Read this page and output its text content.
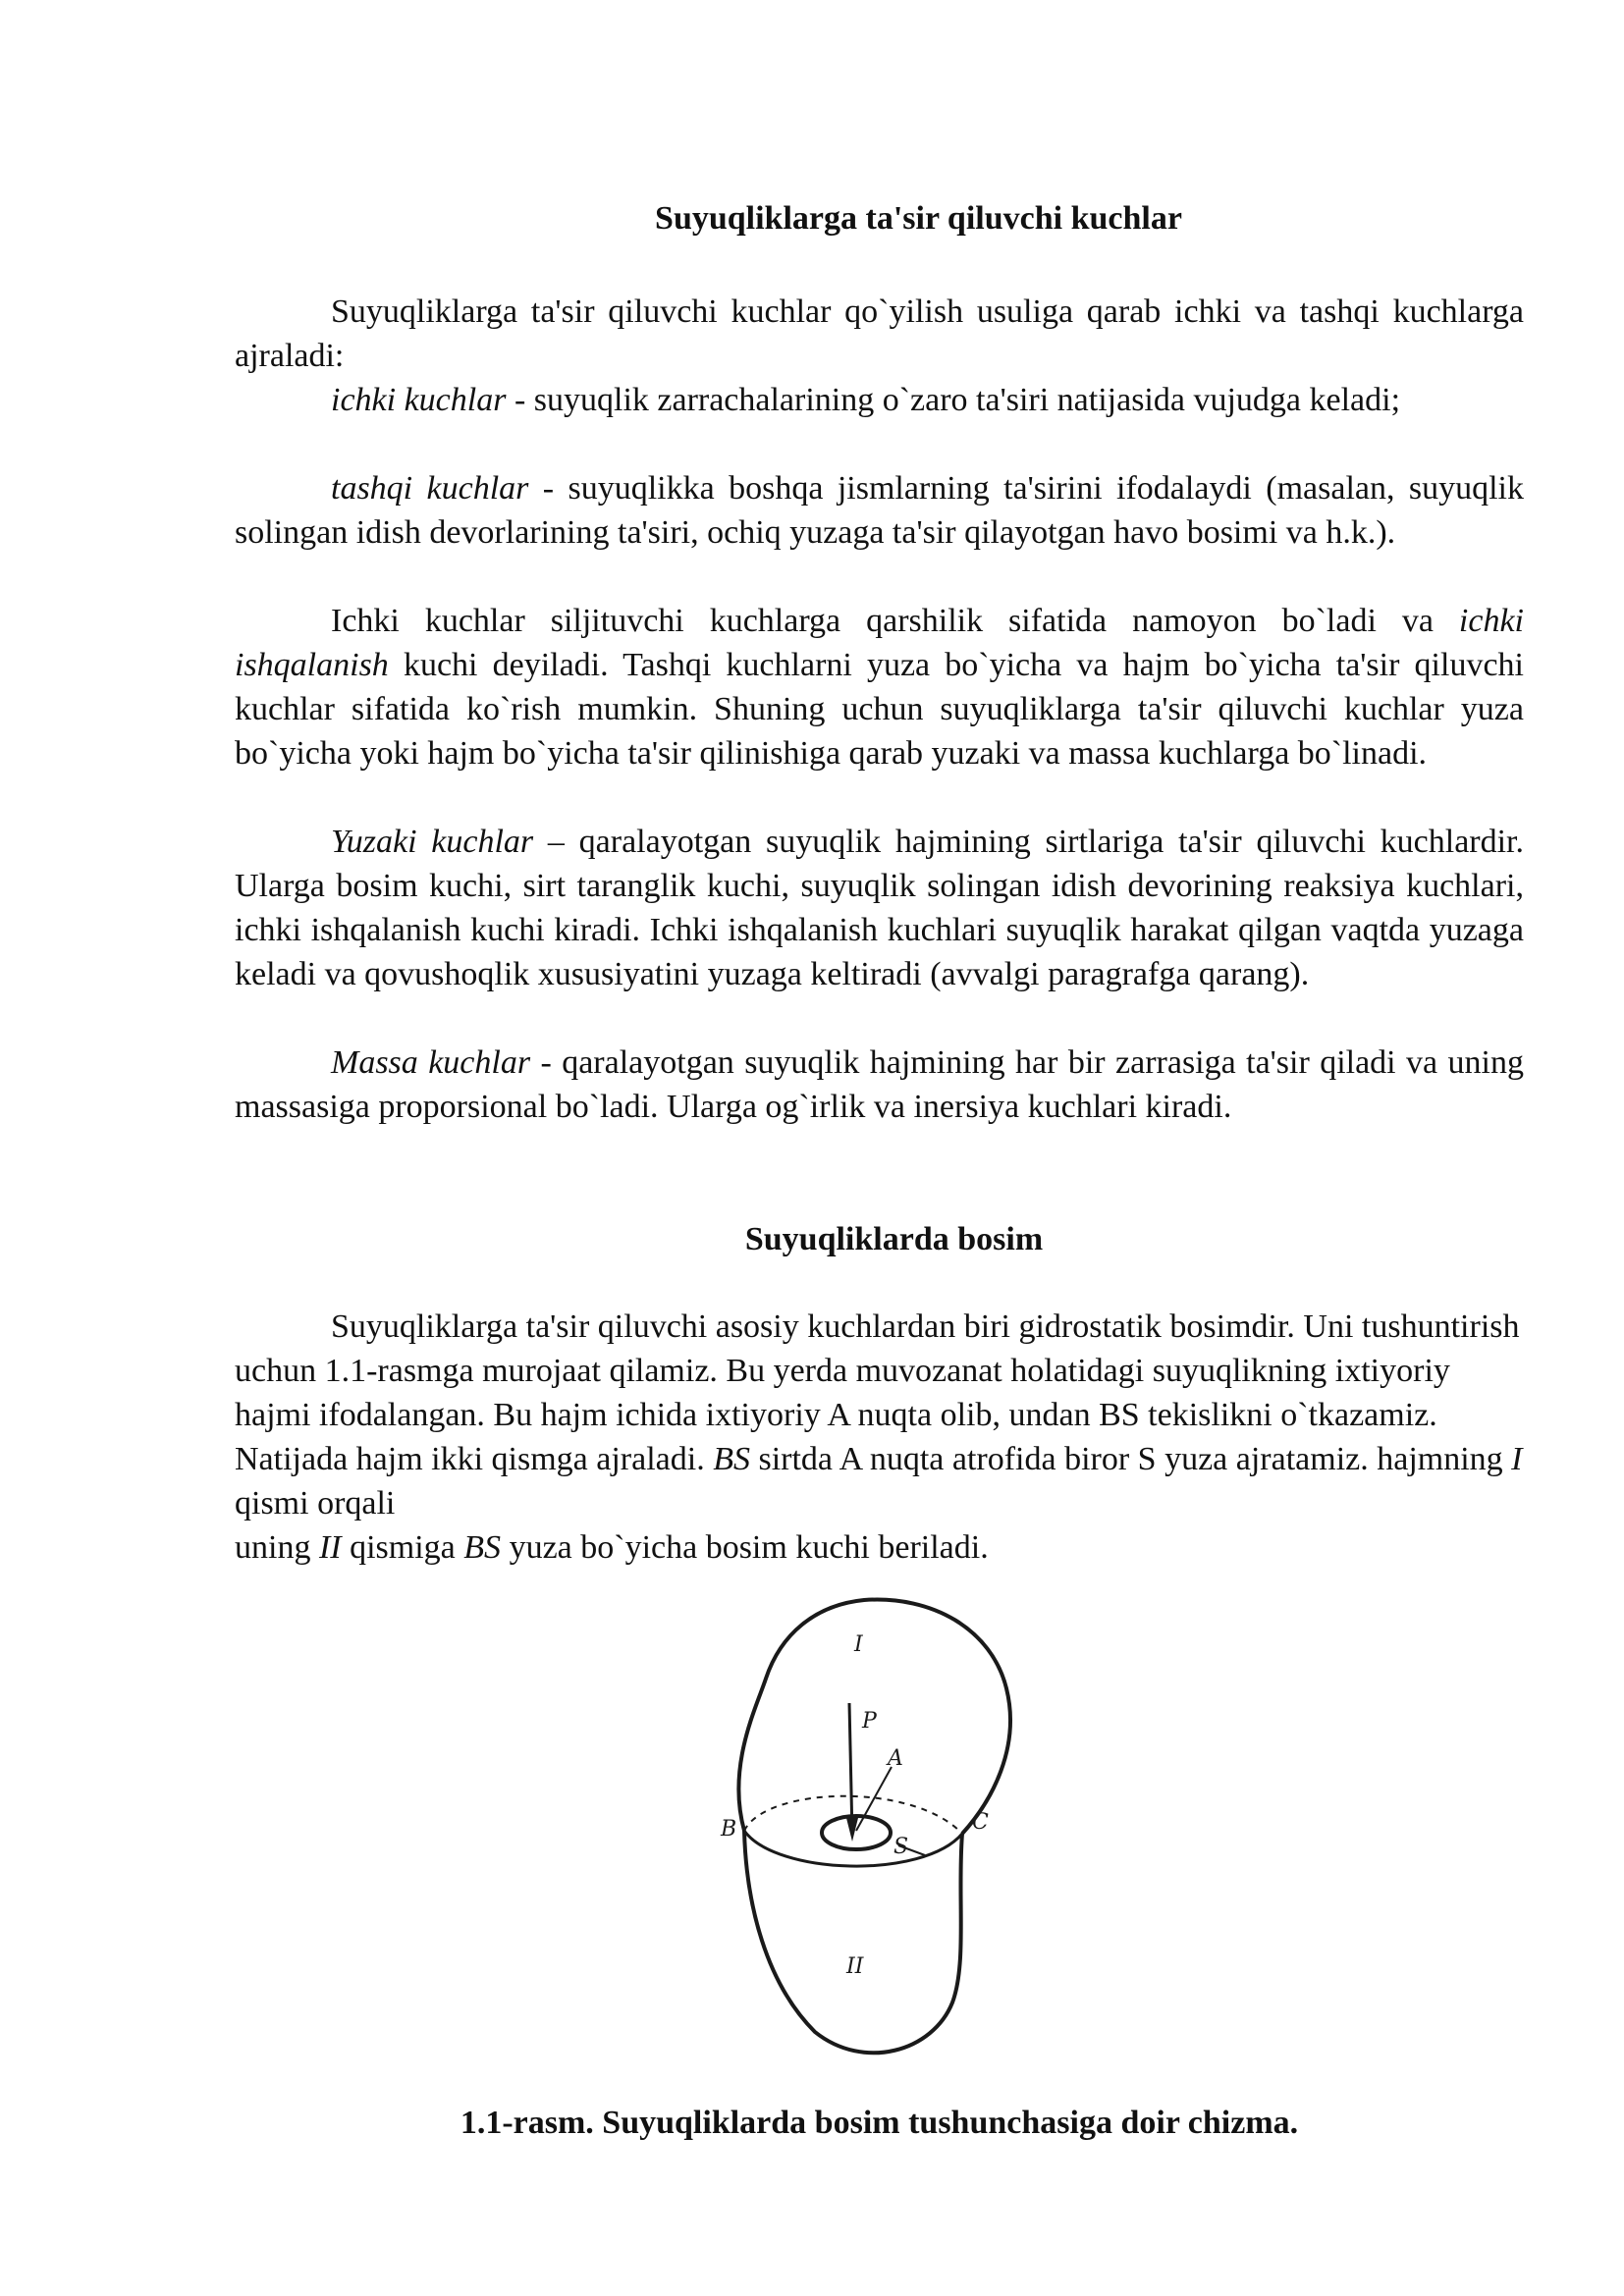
Suyuqliklarga ta'sir qiluvchi kuchlar

Suyuqliklarga ta'sir qiluvchi kuchlar qo`yilish usuliga qarab ichki va tashqi kuchlarga ajraladi:

ichki kuchlar - suyuqlik zarrachalarining o`zaro ta'siri natijasida vujudga keladi;

tashqi kuchlar - suyuqlikka boshqa jismlarning ta'sirini ifodalaydi (masalan, suyuqlik solingan idish devorlarining ta'siri, ochiq yuzaga ta'sir qilayotgan havo bosimi va h.k.).

Ichki kuchlar siljituvchi kuchlarga qarshilik sifatida namoyon bo`ladi va ichki ishqalanish kuchi deyiladi. Tashqi kuchlarni yuza bo`yicha va hajm bo`yicha ta'sir qiluvchi kuchlar sifatida ko`rish mumkin. Shuning uchun suyuqliklarga ta'sir qiluvchi kuchlar yuza bo`yicha yoki hajm bo`yicha ta'sir qilinishiga qarab yuzaki va massa kuchlarga bo`linadi.

Yuzaki kuchlar – qaralayotgan suyuqlik hajmining sirtlariga ta'sir qiluvchi kuchlardir. Ularga bosim kuchi, sirt taranglik kuchi, suyuqlik solingan idish devorining reaksiya kuchlari, ichki ishqalanish kuchi kiradi. Ichki ishqalanish kuchlari suyuqlik harakat qilgan vaqtda yuzaga keladi va qovushoqlik xususiyatini yuzaga keltiradi (avvalgi paragrafga qarang).

Massa kuchlar - qaralayotgan suyuqlik hajmining har bir zarrasiga ta'sir qiladi va uning massasiga proporsional bo`ladi. Ularga og`irlik va inersiya kuchlari kiradi.

Suyuqliklarda bosim

Suyuqliklarga ta'sir qiluvchi asosiy kuchlardan biri gidrostatik bosimdir. Uni tushuntirish uchun 1.1-rasmga murojaat qilamiz. Bu yerda muvozanat holatidagi suyuqlikning ixtiyoriy hajmi ifodalangan. Bu hajm ichida ixtiyoriy A nuqta olib, undan BS tekislikni o`tkazamiz. Natijada hajm ikki qismga ajraladi. BS sirtda A nuqta atrofida biror S yuza ajratamiz. hajmning I qismi orqali
uning II qismiga BS yuza bo`yicha bosim kuchi beriladi.

1.1-rasm. Suyuqliklarda bosim tushunchasiga doir chizma.

I
P
A
B	C
S
II
